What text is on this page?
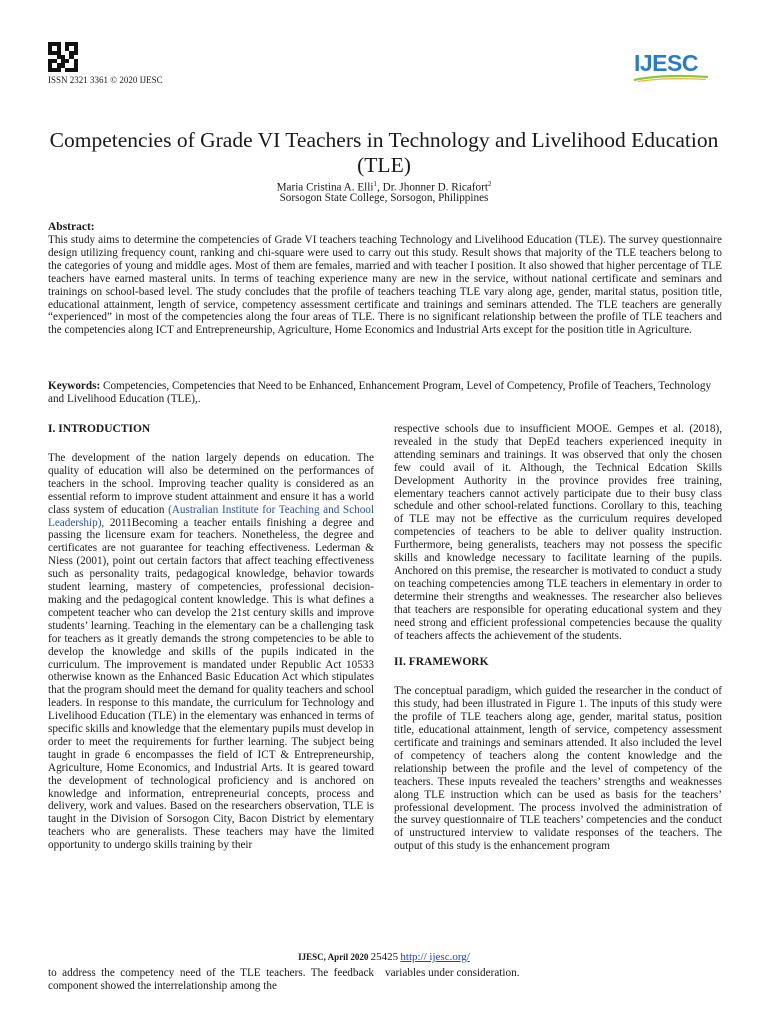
ISSN 2321 3361 © 2020 IJESC
IJESC
Competencies of Grade VI Teachers in Technology and Livelihood Education (TLE)
Maria Cristina A. Elli$^1$, Dr. Jhonner D. Ricafort$^2$
Sorsogon State College, Sorsogon, Philippines
Abstract:

This study aims to determine the competencies of Grade VI teachers teaching Technology and Livelihood Education (TLE). The survey questionnaire design utilizing frequency count, ranking and chi-square were used to carry out this study. Result shows that majority of the TLE teachers belong to the categories of young and middle ages. Most of them are females, married and with teacher I position. It also showed that higher percentage of TLE teachers have earned masteral units. In terms of teaching experience many are new in the service, without national certificate and seminars and trainings on school-based level. The study concludes that the profile of teachers teaching TLE vary along age, gender, marital status, position title, educational attainment, length of service, competency assessment certificate and trainings and seminars attended. The TLE teachers are generally “experienced” in most of the competencies along the four areas of TLE. There is no significant relationship between the profile of TLE teachers and the competencies along ICT and Entrepreneurship, Agriculture, Home Economics and Industrial Arts except for the position title in Agriculture.

Keywords: Competencies, Competencies that Need to be Enhanced, Enhancement Program, Level of Competency, Profile of Teachers, Technology and Livelihood Education (TLE),.

I. INTRODUCTION

The development of the nation largely depends on education. The quality of education will also be determined on the performances of teachers in the school. Improving teacher quality is considered as an essential reform to improve student attainment and ensure it has a world class system of education (Australian Institute for Teaching and School Leadership), 2011Becoming a teacher entails finishing a degree and passing the licensure exam for teachers. Nonetheless, the degree and certificates are not guarantee for teaching effectiveness. Lederman & Niess (2001), point out certain factors that affect teaching effectiveness such as personality traits, pedagogical knowledge, behavior towards student learning, mastery of competencies, professional decision-making and the pedagogical content knowledge. This is what defines a competent teacher who can develop the 21st century skills and improve students’ learning. Teaching in the elementary can be a challenging task for teachers as it greatly demands the strong competencies to be able to develop the knowledge and skills of the pupils indicated in the curriculum. The improvement is mandated under Republic Act 10533 otherwise known as the Enhanced Basic Education Act which stipulates that the program should meet the demand for quality teachers and school leaders. In response to this mandate, the curriculum for Technology and Livelihood Education (TLE) in the elementary was enhanced in terms of specific skills and knowledge that the elementary pupils must develop in order to meet the requirements for further learning. The subject being taught in grade 6 encompasses the field of ICT & Entrepreneurship, Agriculture, Home Economics, and Industrial Arts. It is geared toward the development of technological proficiency and is anchored on knowledge and information, entrepreneurial concepts, process and delivery, work and values. Based on the researchers observation, TLE is taught in the Division of Sorsogon City, Bacon District by elementary teachers who are generalists. These teachers may have the limited opportunity to undergo skills training by their

respective schools due to insufficient MOOE. Gempes et al. (2018), revealed in the study that DepEd teachers experienced inequity in attending seminars and trainings. It was observed that only the chosen few could avail of it. Although, the Technical Edcation Skills Development Authority in the province provides free training, elementary teachers cannot actively participate due to their busy class schedule and other school-related functions. Corollary to this, teaching of TLE may not be effective as the curriculum requires developed competencies of teachers to be able to deliver quality instruction. Furthermore, being generalists, teachers may not possess the specific skills and knowledge necessary to facilitate learning of the pupils. Anchored on this premise, the researcher is motivated to conduct a study on teaching competencies among TLE teachers in elementary in order to determine their strengths and weaknesses. The researcher also believes that teachers are responsible for operating educational system and they need strong and efficient professional competencies because the quality of teachers affects the achievement of the students.

II. FRAMEWORK

The conceptual paradigm, which guided the researcher in the conduct of this study, had been illustrated in Figure 1. The inputs of this study were the profile of TLE teachers along age, gender, marital status, position title, educational attainment, length of service, competency assessment certificate and trainings and seminars attended. It also included the level of competency of teachers along the content knowledge and the relationship between the profile and the level of competency of the teachers. These inputs revealed the teachers’ strengths and weaknesses along TLE instruction which can be used as basis for the teachers’ professional development. The process involved the administration of the survey questionnaire of TLE teachers’ competencies and the conduct of unstructured interview to validate responses of the teachers. The output of this study is the enhancement program

IJESC, April 2020 25425 http:// ijesc.org/

to address the competency need of the TLE teachers. The feedback component showed the interrelationship among the

variables under consideration.
